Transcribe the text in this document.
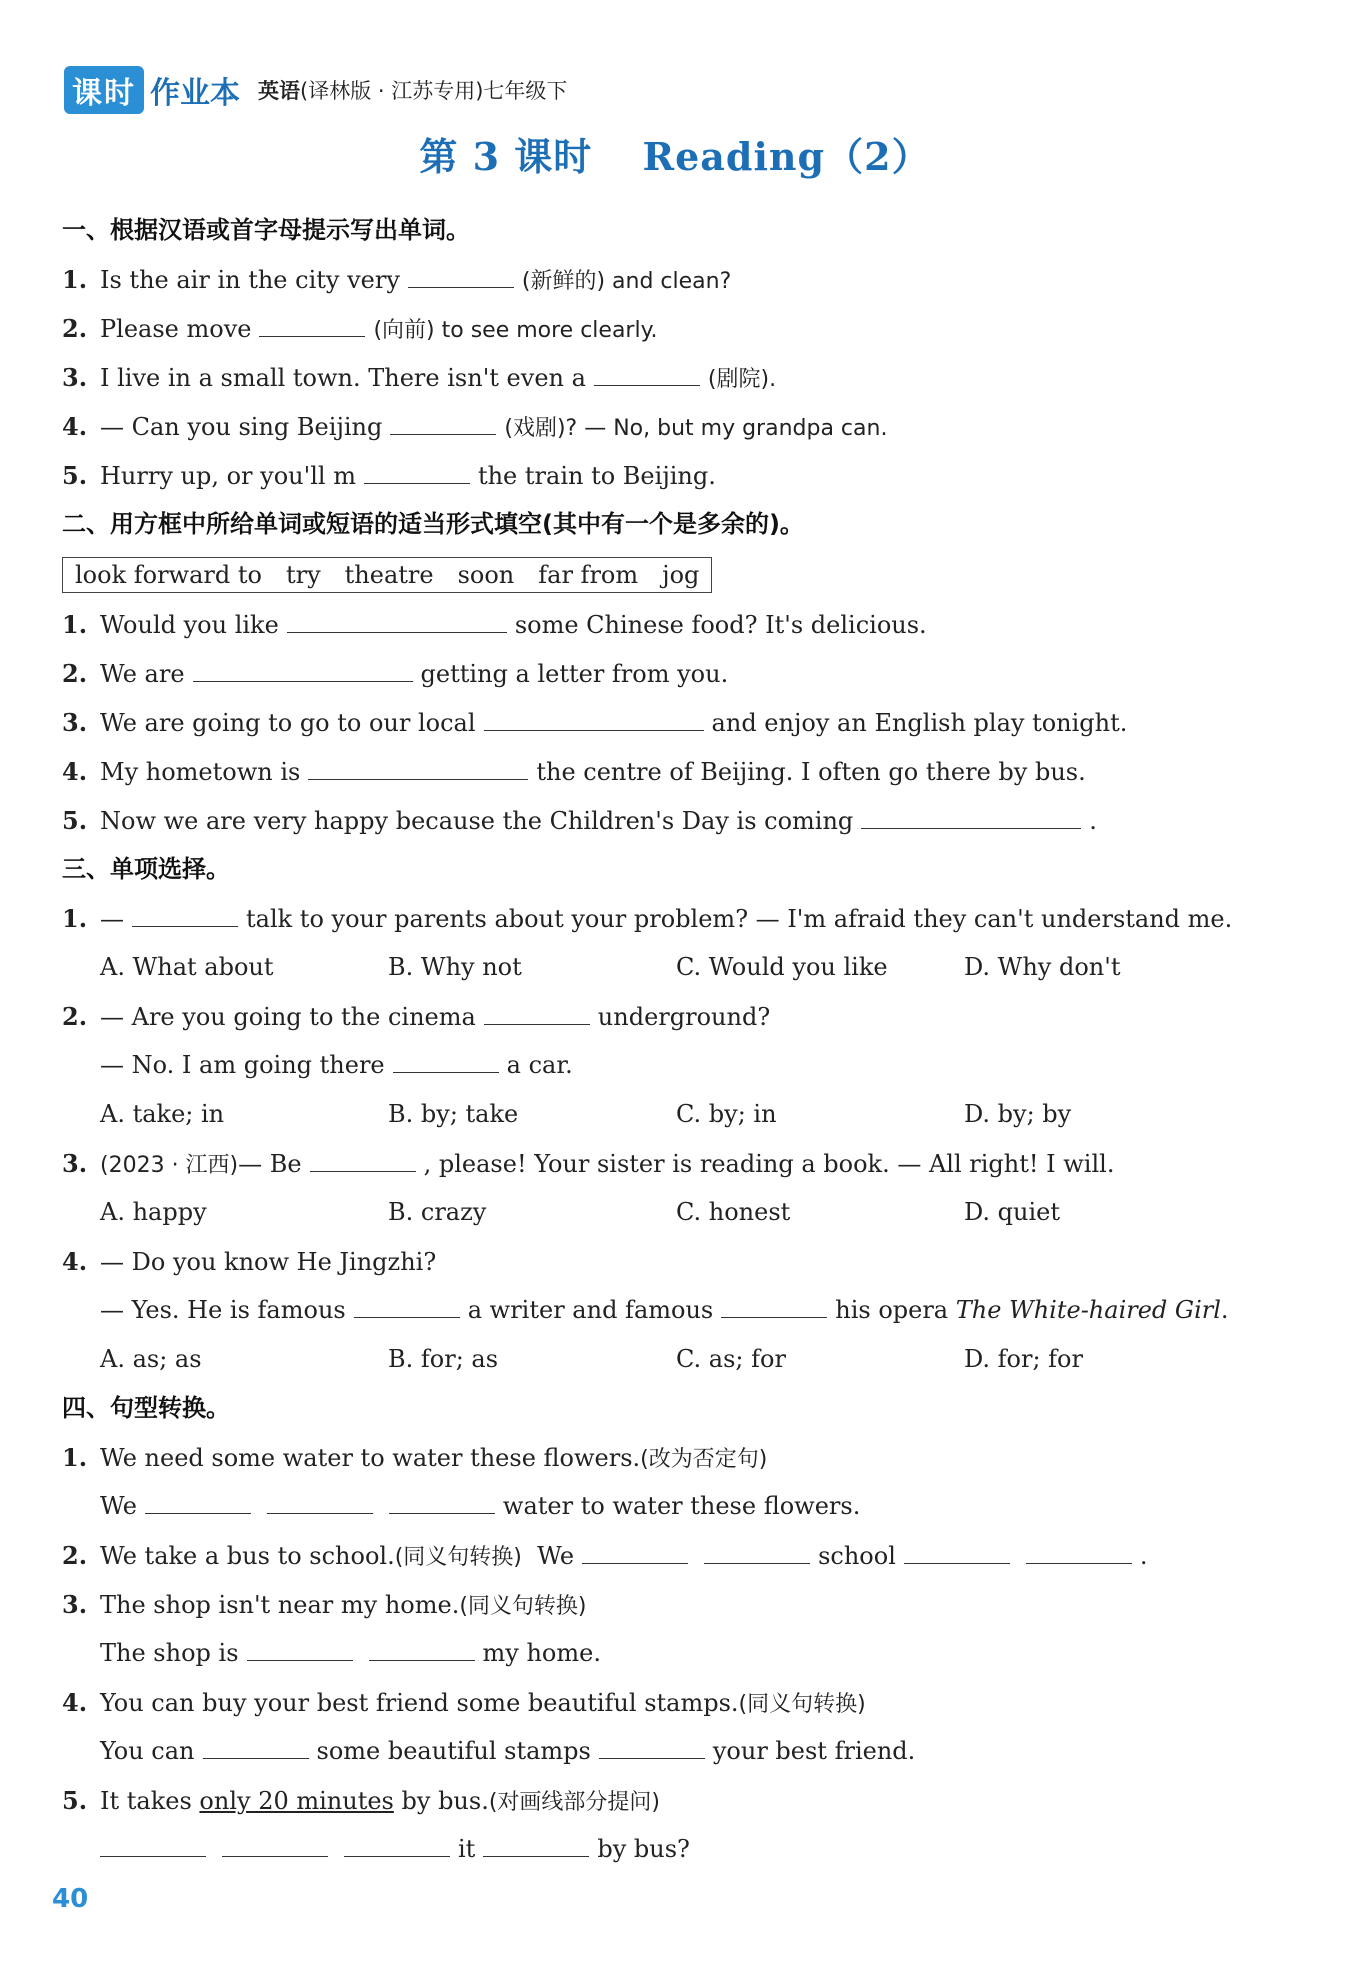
课时 作业本 英语(译林版 · 江苏专用)七年级下
第 3 课时 Reading（2）
一、根据汉语或首字母提示写出单词。
1. Is the air in the city very	(新鲜的) and clean?
2. Please move	(向前) to see more clearly.
3. I live in a small town. There isn't even a	(剧院).
4. — Can you sing Beijing	(戏剧)? — No, but my grandpa can.
5. Hurry up, or you'll m	the train to Beijing.
二、用方框中所给单词或短语的适当形式填空(其中有一个是多余的)。
look forward to try theatre soon far from jog
1. Would you like	some Chinese food? It's delicious.
2. We are	getting a letter from you.
3. We are going to go to our local	and enjoy an English play tonight.
4. My hometown is	the centre of Beijing. I often go there by bus.
5. Now we are very happy because the Children's Day is coming	.
三、单项选择。
1. —	talk to your parents about your problem? — I'm afraid they can't understand me.
A. What about	B. Why not	C. Would you like	D. Why don't
2. — Are you going to the cinema	underground?
— No. I am going there	a car.
A. take; in	B. by; take	C. by; in	D. by; by
3. (2023 · 江西)— Be	, please! Your sister is reading a book. — All right! I will.
A. happy	B. crazy	C. honest	D. quiet
4. — Do you know He Jingzhi?
— Yes. He is famous	a writer and famous	his opera The White-haired Girl.
A. as; as	B. for; as	C. as; for	D. for; for
四、句型转换。
1. We need some water to water these flowers.(改为否定句)
We	water to water these flowers.
2. We take a bus to school.(同义句转换) We	school	.
3. The shop isn't near my home.(同义句转换)
The shop is	my home.
4. You can buy your best friend some beautiful stamps.(同义句转换)
You can	some beautiful stamps	your best friend.
5. It takes only 20 minutes by bus.(对画线部分提问)
it	by bus?
40
